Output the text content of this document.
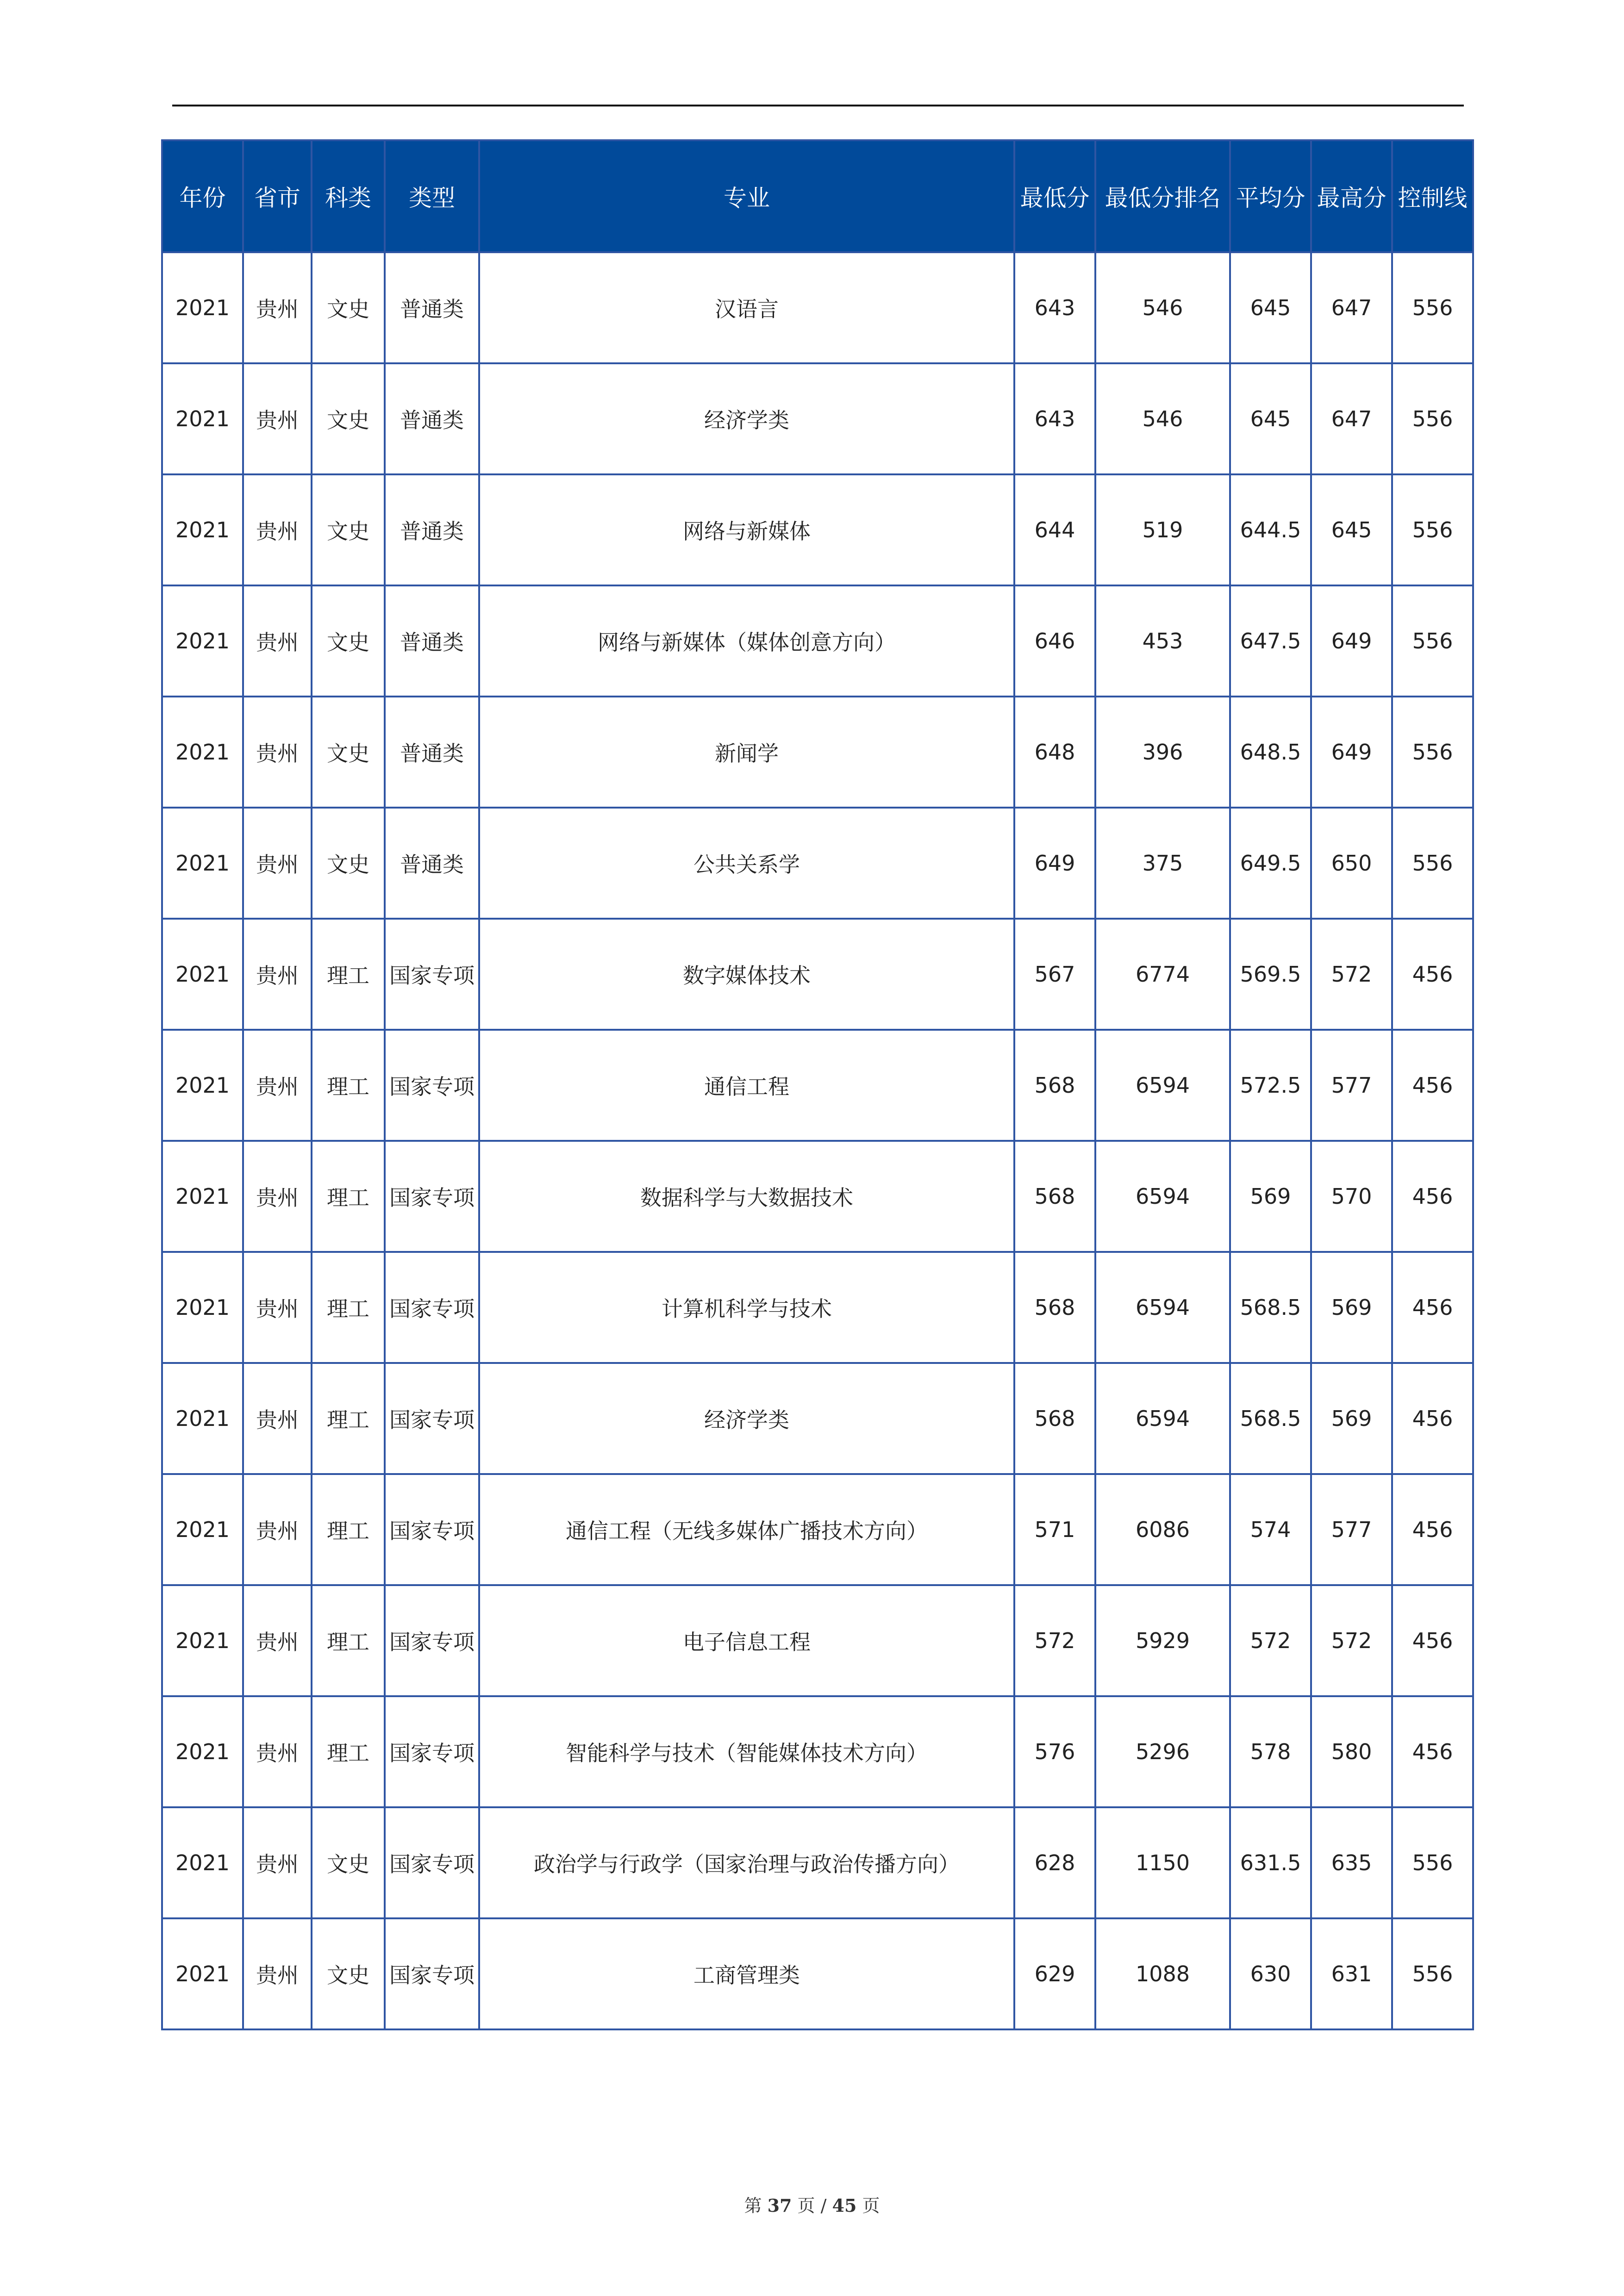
年份	省市	科类	类型	专业	最低分	最低分排名	平均分	最高分	控制线
2021	贵州	文史	普通类	汉语言	643	546	645	647	556
2021	贵州	文史	普通类	经济学类	643	546	645	647	556
2021	贵州	文史	普通类	网络与新媒体	644	519	644.5	645	556
2021	贵州	文史	普通类	网络与新媒体（媒体创意方向）	646	453	647.5	649	556
2021	贵州	文史	普通类	新闻学	648	396	648.5	649	556
2021	贵州	文史	普通类	公共关系学	649	375	649.5	650	556
2021	贵州	理工	国家专项	数字媒体技术	567	6774	569.5	572	456
2021	贵州	理工	国家专项	通信工程	568	6594	572.5	577	456
2021	贵州	理工	国家专项	数据科学与大数据技术	568	6594	569	570	456
2021	贵州	理工	国家专项	计算机科学与技术	568	6594	568.5	569	456
2021	贵州	理工	国家专项	经济学类	568	6594	568.5	569	456
2021	贵州	理工	国家专项	通信工程（无线多媒体广播技术方向）	571	6086	574	577	456
2021	贵州	理工	国家专项	电子信息工程	572	5929	572	572	456
2021	贵州	理工	国家专项	智能科学与技术（智能媒体技术方向）	576	5296	578	580	456
2021	贵州	文史	国家专项	政治学与行政学（国家治理与政治传播方向）	628	1150	631.5	635	556
2021	贵州	文史	国家专项	工商管理类	629	1088	630	631	556
第 37 页 / 45 页
